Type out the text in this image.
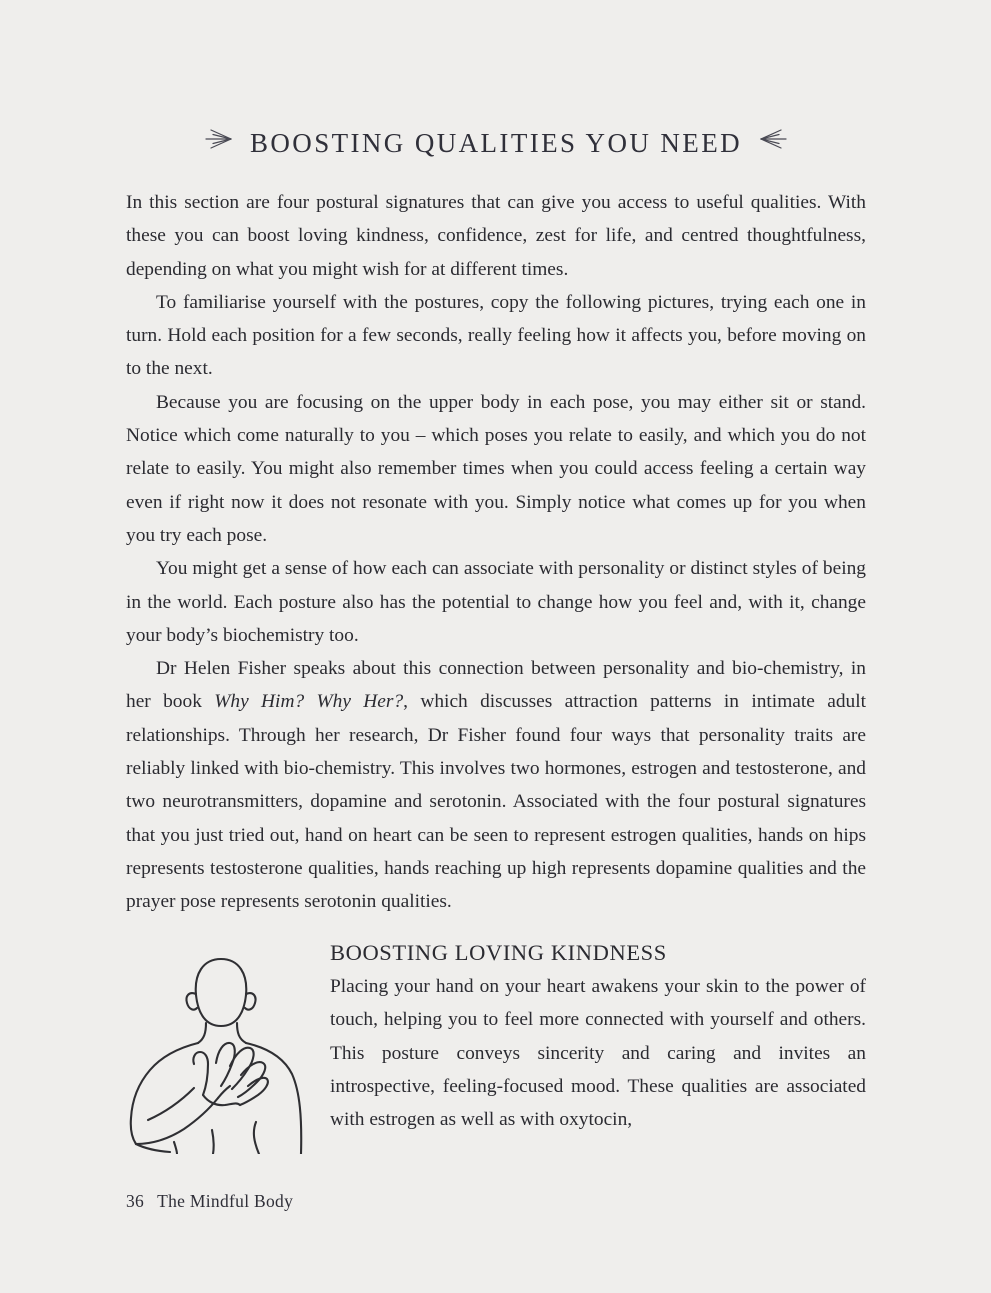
BOOSTING QUALITIES YOU NEED

In this section are four postural signatures that can give you access to useful qualities. With these you can boost loving kindness, confidence, zest for life, and centred thoughtfulness, depending on what you might wish for at different times.

To familiarise yourself with the postures, copy the following pictures, trying each one in turn. Hold each position for a few seconds, really feeling how it affects you, before moving on to the next.

Because you are focusing on the upper body in each pose, you may either sit or stand. Notice which come naturally to you – which poses you relate to easily, and which you do not relate to easily. You might also remember times when you could access feeling a certain way even if right now it does not resonate with you. Simply notice what comes up for you when you try each pose.

You might get a sense of how each can associate with personality or distinct styles of being in the world. Each posture also has the potential to change how you feel and, with it, change your body’s biochemistry too.

Dr Helen Fisher speaks about this connection between personality and bio-chemistry, in her book Why Him? Why Her?, which discusses attraction patterns in intimate adult relationships. Through her research, Dr Fisher found four ways that personality traits are reliably linked with bio-chemistry. This involves two hormones, estrogen and testosterone, and two neurotransmitters, dopamine and serotonin. Associated with the four postural signatures that you just tried out, hand on heart can be seen to represent estrogen qualities, hands on hips represents testosterone qualities, hands reaching up high represents dopamine qualities and the prayer pose represents serotonin qualities.

BOOSTING LOVING KINDNESS

Placing your hand on your heart awakens your skin to the power of touch, helping you to feel more connected with yourself and others. This posture conveys sincerity and caring and invites an introspective, feeling-focused mood. These qualities are associated with estrogen as well as with oxytocin,

36 The Mindful Body
